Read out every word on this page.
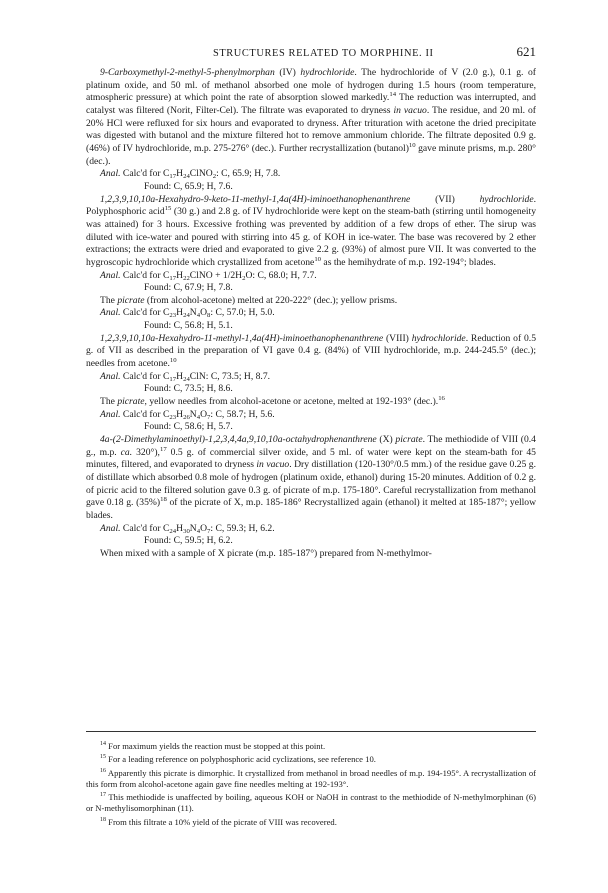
STRUCTURES RELATED TO MORPHINE. II	621

9-Carboxymethyl-2-methyl-5-phenylmorphan (IV) hydrochloride. The hydrochloride of V (2.0 g.), 0.1 g. of platinum oxide, and 50 ml. of methanol absorbed one mole of hydrogen during 1.5 hours (room temperature, atmospheric pressure) at which point the rate of absorption slowed markedly.$^{14}$ The reduction was interrupted, and catalyst was filtered (Norit, Filter-Cel). The filtrate was evaporated to dryness in vacuo. The residue, and 20 ml. of 20% HCl were refluxed for six hours and evaporated to dryness. After trituration with acetone the dried precipitate was digested with butanol and the mixture filtered hot to remove ammonium chloride. The filtrate deposited 0.9 g. (46%) of IV hydrochloride, m.p. 275-276° (dec.). Further recrystallization (butanol)$^{10}$ gave minute prisms, m.p. 280° (dec.).

Anal. Calc'd for $C_{17}H_{24}ClNO_2$: C, 65.9; H, 7.8.

Found: C, 65.9; H, 7.6.

1,2,3,9,10,10a-Hexahydro-9-keto-11-methyl-1,4a(4H)-iminoethanophenanthrene (VII) hydrochloride. Polyphosphoric acid$^{15}$ (30 g.) and 2.8 g. of IV hydrochloride were kept on the steam-bath (stirring until homogeneity was attained) for 3 hours. Excessive frothing was prevented by addition of a few drops of ether. The sirup was diluted with ice-water and poured with stirring into 45 g. of KOH in ice-water. The base was recovered by 2 ether extractions; the extracts were dried and evaporated to give 2.2 g. (93%) of almost pure VII. It was converted to the hygroscopic hydrochloride which crystallized from acetone$^{10}$ as the hemihydrate of m.p. 192-194°; blades.

Anal. Calc'd for $C_{17}H_{22}ClNO + 1/2H_2O$: C, 68.0; H, 7.7.

Found: C, 67.9; H, 7.8.

The picrate (from alcohol-acetone) melted at 220-222° (dec.); yellow prisms.

Anal. Calc'd for $C_{23}H_{24}N_4O_8$: C, 57.0; H, 5.0.

Found: C, 56.8; H, 5.1.

1,2,3,9,10,10a-Hexahydro-11-methyl-1,4a(4H)-iminoethanophenanthrene (VIII) hydrochloride. Reduction of 0.5 g. of VII as described in the preparation of VI gave 0.4 g. (84%) of VIII hydrochloride, m.p. 244-245.5° (dec.); needles from acetone.$^{10}$

Anal. Calc'd for $C_{17}H_{24}ClN$: C, 73.5; H, 8.7.

Found: C, 73.5; H, 8.6.

The picrate, yellow needles from alcohol-acetone or acetone, melted at 192-193° (dec.).$^{16}$

Anal. Calc'd for $C_{23}H_{26}N_4O_7$: C, 58.7; H, 5.6.

Found: C, 58.6; H, 5.7.

4a-(2-Dimethylaminoethyl)-1,2,3,4,4a,9,10,10a-octahydrophenanthrene (X) picrate. The methiodide of VIII (0.4 g., m.p. ca. 320°),$^{17}$ 0.5 g. of commercial silver oxide, and 5 ml. of water were kept on the steam-bath for 45 minutes, filtered, and evaporated to dryness in vacuo. Dry distillation (120-130°/0.5 mm.) of the residue gave 0.25 g. of distillate which absorbed 0.8 mole of hydrogen (platinum oxide, ethanol) during 15-20 minutes. Addition of 0.2 g. of picric acid to the filtered solution gave 0.3 g. of picrate of m.p. 175-180°. Careful recrystallization from methanol gave 0.18 g. $(35\%)^{18}$ of the picrate of X, m.p. 185-186° Recrystallized again (ethanol) it melted at 185-187°; yellow blades.

Anal. Calc'd for $C_{24}H_{30}N_4O_7$: C, 59.3; H, 6.2.

Found: C, 59.5; H, 6.2.

When mixed with a sample of X picrate (m.p. 185-187°) prepared from N-methylmor-

$^{14}$ For maximum yields the reaction must be stopped at this point.

$^{15}$ For a leading reference on polyphosphoric acid cyclizations, see reference 10.

$^{16}$ Apparently this picrate is dimorphic. It crystallized from methanol in broad needles of m.p. 194-195°. A recrystallization of this form from alcohol-acetone again gave fine needles melting at 192-193°.

$^{17}$ This methiodide is unaffected by boiling, aqueous KOH or NaOH in contrast to the methiodide of N-methylmorphinan (6) or N-methylisomorphinan (11).

$^{18}$ From this filtrate a 10% yield of the picrate of VIII was recovered.
